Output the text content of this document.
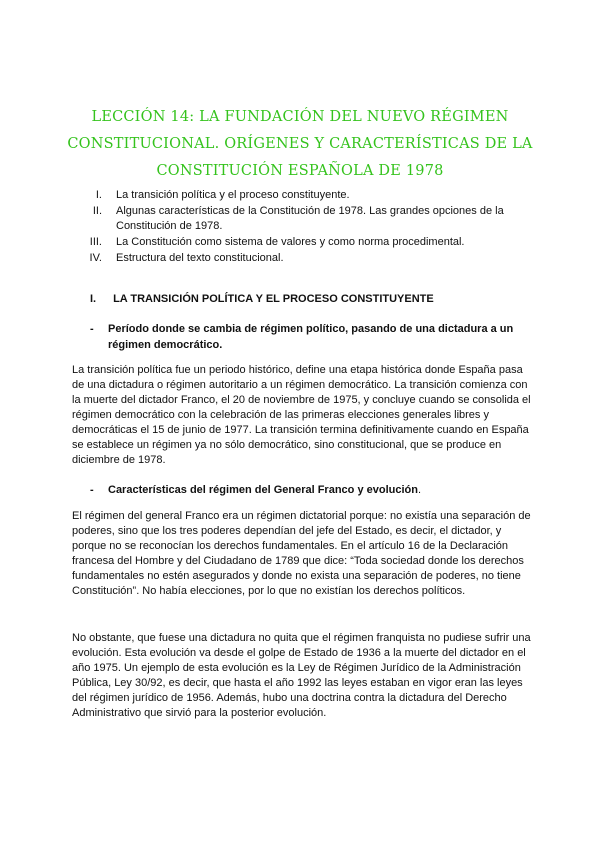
LECCIÓN 14: LA FUNDACIÓN DEL NUEVO RÉGIMEN CONSTITUCIONAL. ORÍGENES Y CARACTERÍSTICAS DE LA CONSTITUCIÓN ESPAÑOLA DE 1978
I. La transición política y el proceso constituyente.
II. Algunas características de la Constitución de 1978. Las grandes opciones de la Constitución de 1978.
III. La Constitución como sistema de valores y como norma procedimental.
IV. Estructura del texto constitucional.
I. LA TRANSICIÓN POLÍTICA Y EL PROCESO CONSTITUYENTE
-	Período donde se cambia de régimen político, pasando de una dictadura a un régimen democrático.
La transición política fue un periodo histórico, define una etapa histórica donde España pasa de una dictadura o régimen autoritario a un régimen democrático. La transición comienza con la muerte del dictador Franco, el 20 de noviembre de 1975, y concluye cuando se consolida el régimen democrático con la celebración de las primeras elecciones generales libres y democráticas el 15 de junio de 1977. La transición termina definitivamente cuando en España se establece un régimen ya no sólo democrático, sino constitucional, que se produce en diciembre de 1978.
-	Características del régimen del General Franco y evolución.
El régimen del general Franco era un régimen dictatorial porque: no existía una separación de poderes, sino que los tres poderes dependían del jefe del Estado, es decir, el dictador, y porque no se reconocían los derechos fundamentales. En el artículo 16 de la Declaración francesa del Hombre y del Ciudadano de 1789 que dice: “Toda sociedad donde los derechos fundamentales no estén asegurados y donde no exista una separación de poderes, no tiene Constitución”. No había elecciones, por lo que no existían los derechos políticos.
No obstante, que fuese una dictadura no quita que el régimen franquista no pudiese sufrir una evolución. Esta evolución va desde el golpe de Estado de 1936 a la muerte del dictador en el año 1975. Un ejemplo de esta evolución es la Ley de Régimen Jurídico de la Administración Pública, Ley 30/92, es decir, que hasta el año 1992 las leyes estaban en vigor eran las leyes del régimen jurídico de 1956. Además, hubo una doctrina contra la dictadura del Derecho Administrativo que sirvió para la posterior evolución.
